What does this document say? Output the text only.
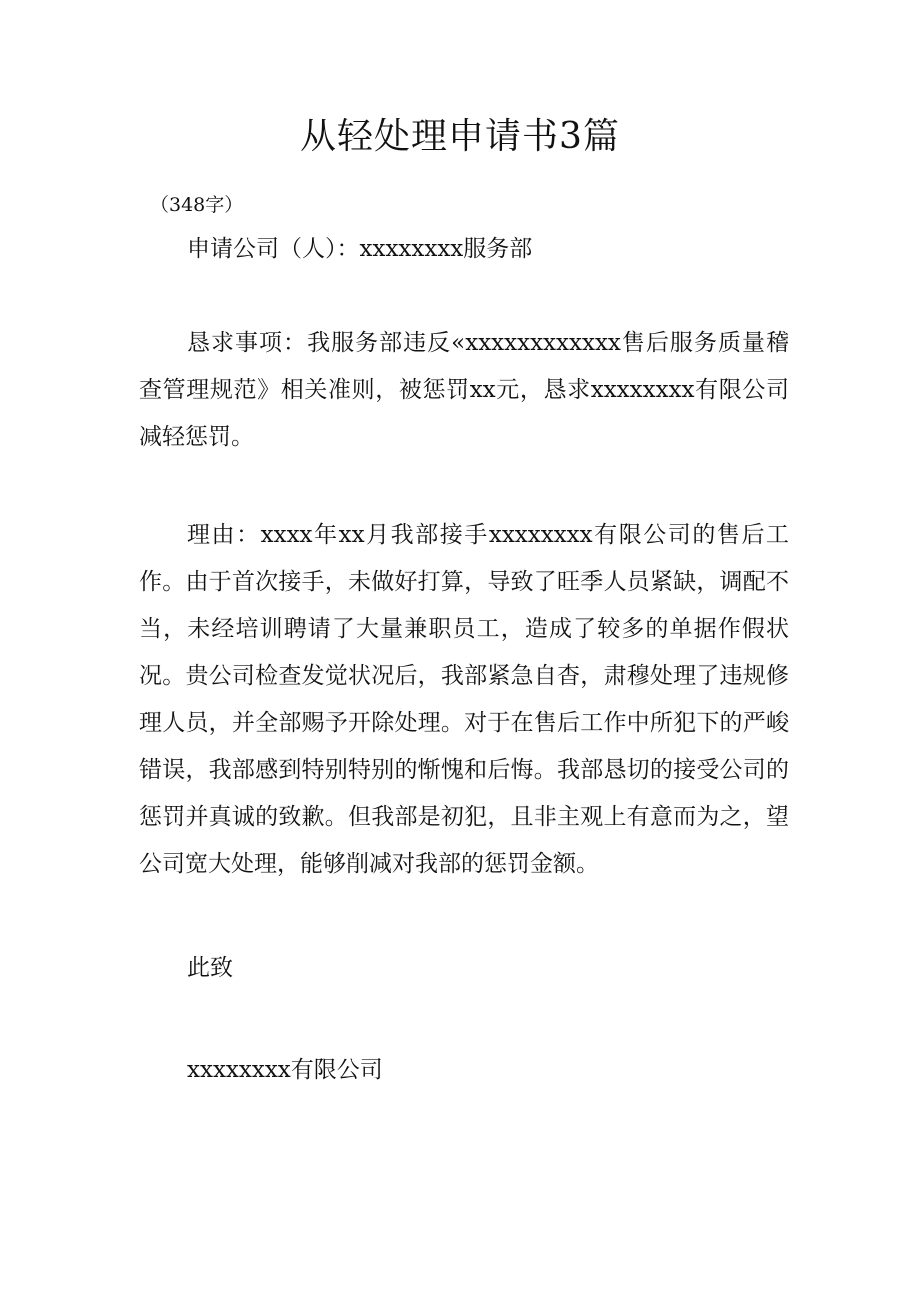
从轻处理申请书3篇
（348字）

申请公司（人）：xxxxxxxx服务部

恳求事项：我服务部违反«xxxxxxxxxxxx售后服务质量稽查管理规范》相关准则，被惩罚xx元，恳求xxxxxxxx有限公司减轻惩罚。

理由：xxxx年xx月我部接手xxxxxxxx有限公司的售后工作。由于首次接手，未做好打算，导致了旺季人员紧缺，调配不当，未经培训聘请了大量兼职员工，造成了较多的单据作假状况。贵公司检查发觉状况后，我部紧急自杳，肃穆处理了违规修理人员，并全部赐予开除处理。对于在售后工作中所犯下的严峻错误，我部感到特别特别的惭愧和后悔。我部恳切的接受公司的惩罚并真诚的致歉。但我部是初犯，且非主观上有意而为之，望公司宽大处理，能够削减对我部的惩罚金额。

此致

xxxxxxxx有限公司
